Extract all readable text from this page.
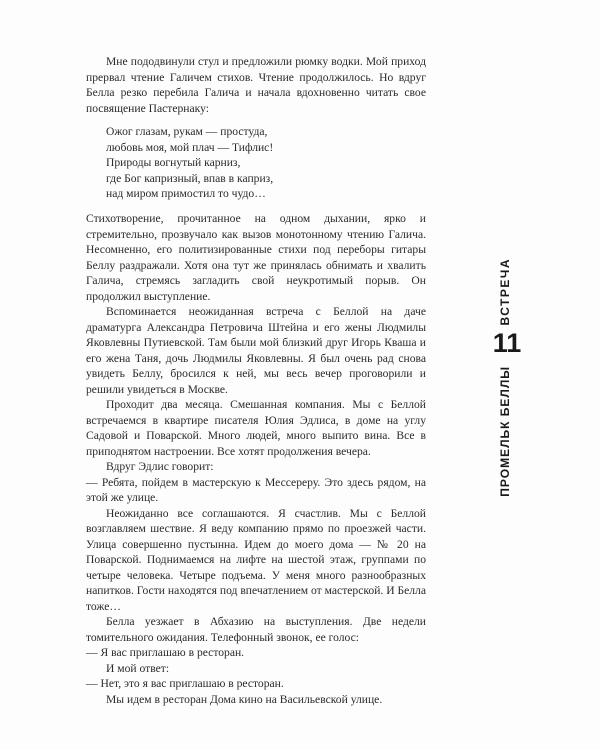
Мне пододвинули стул и предложили рюмку водки. Мой приход прервал чтение Галичем стихов. Чтение продолжилось. Но вдруг Белла резко перебила Галича и начала вдохновенно читать свое посвящение Пастернаку:

Ожог глазам, рукам — простуда,

любовь моя, мой плач — Тифлис!

Природы вогнутый карниз,

где Бог капризный, впав в каприз,

над миром примостил то чудо…

Стихотворение, прочитанное на одном дыхании, ярко и стремительно, прозвучало как вызов монотонному чтению Галича. Несомненно, его политизированные стихи под переборы гитары Беллу раздражали. Хотя она тут же принялась обнимать и хвалить Галича, стремясь загладить свой неукротимый порыв. Он продолжил выступление.

Вспоминается неожиданная встреча с Беллой на даче драматурга Александра Петровича Штейна и его жены Людмилы Яковлевны Путиевской. Там были мой близкий друг Игорь Кваша и его жена Таня, дочь Людмилы Яковлевны. Я был очень рад снова увидеть Беллу, бросился к ней, мы весь вечер проговорили и решили увидеться в Москве.

Проходит два месяца. Смешанная компания. Мы с Беллой встречаемся в квартире писателя Юлия Эдлиса, в доме на углу Садовой и Поварской. Много людей, много выпито вина. Все в приподнятом настроении. Все хотят продолжения вечера.

Вдруг Эдлис говорит:

— Ребята, пойдем в мастерскую к Мессереру. Это здесь рядом, на этой же улице.

Неожиданно все соглашаются. Я счастлив. Мы с Беллой возглавляем шествие. Я веду компанию прямо по проезжей части. Улица совершенно пустынна. Идем до моего дома — № 20 на Поварской. Поднимаемся на лифте на шестой этаж, группами по четыре человека. Четыре подъема. У меня много разнообразных напитков. Гости находятся под впечатлением от мастерской. И Белла тоже…

Белла уезжает в Абхазию на выступления. Две недели томительного ожидания. Телефонный звонок, ее голос:

— Я вас приглашаю в ресторан.

И мой ответ:

— Нет, это я вас приглашаю в ресторан.

Мы идем в ресторан Дома кино на Васильевской улице.

ВСТРЕЧА
11
ПРОМЕЛЬК БЕЛЛЫ
